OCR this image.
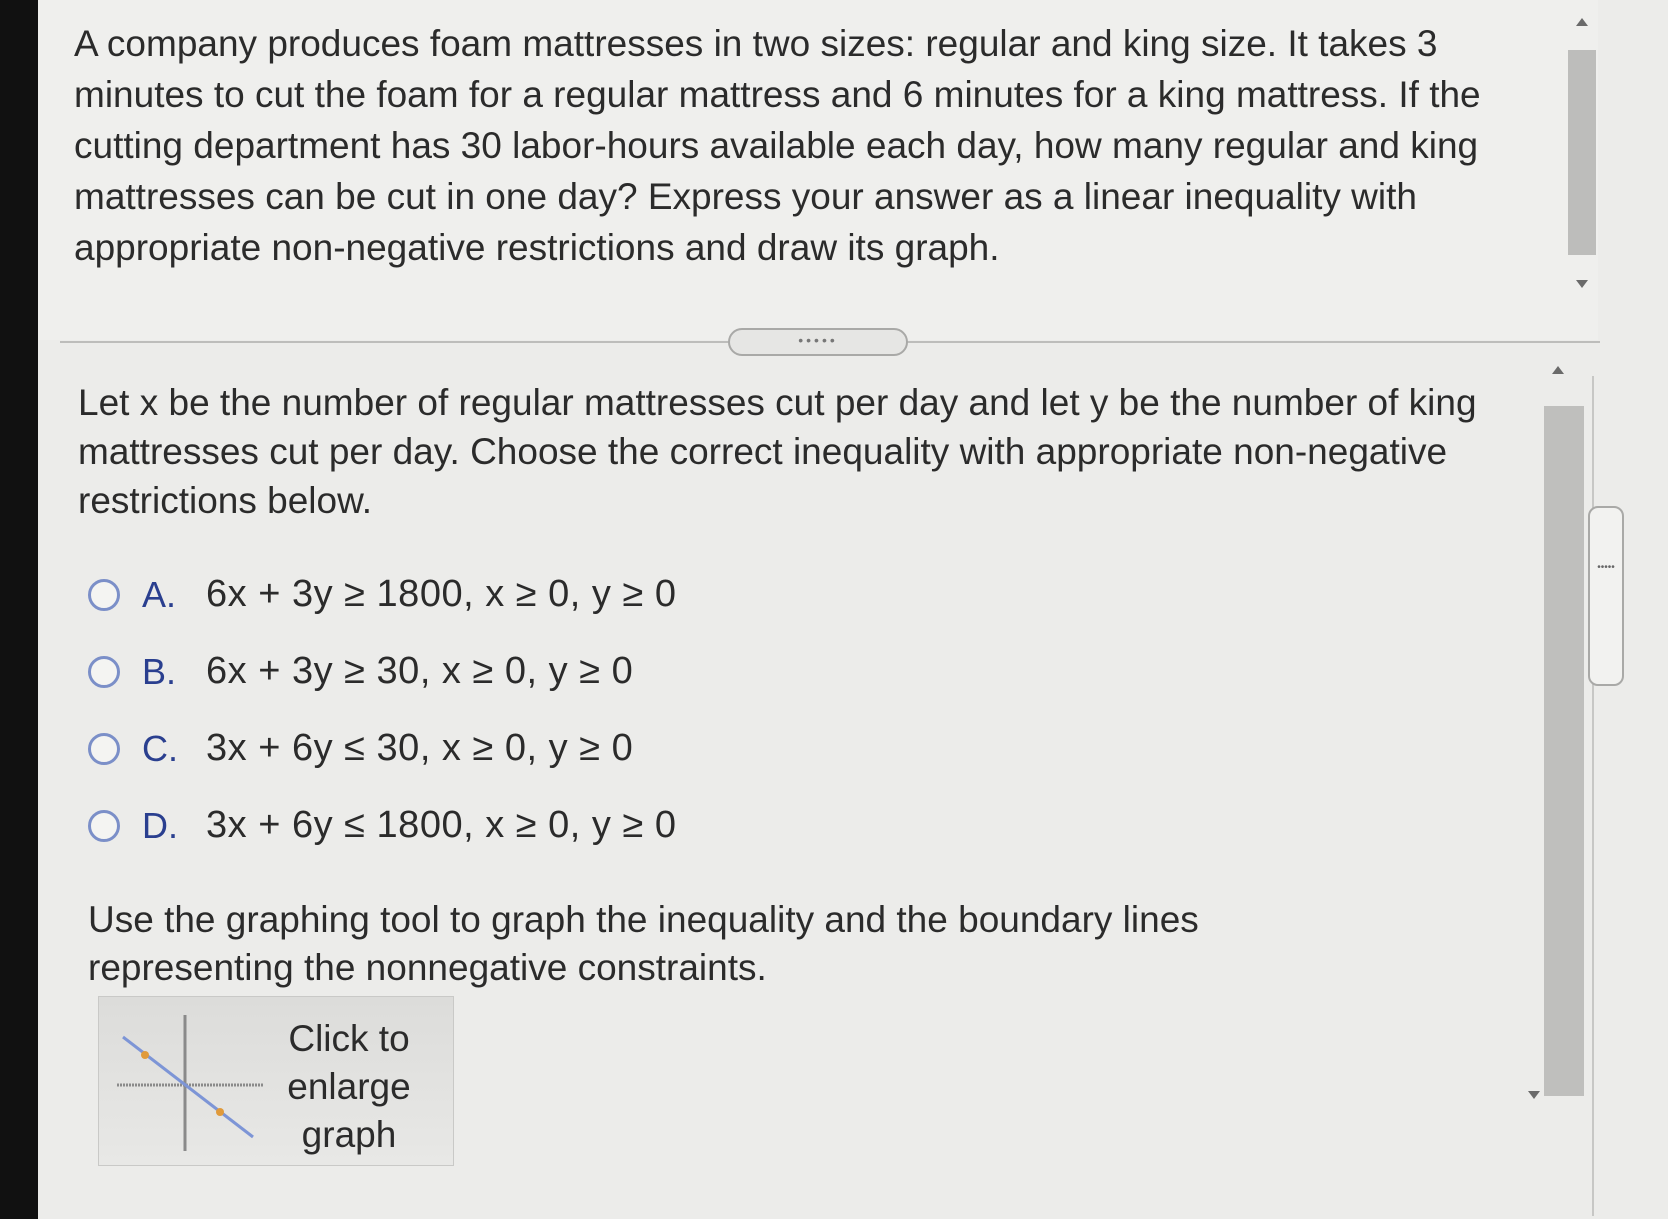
A company produces foam mattresses in two sizes: regular and king size. It takes 3 minutes to cut the foam for a regular mattress and 6 minutes for a king mattress. If the cutting department has 30 labor-hours available each day, how many regular and king mattresses can be cut in one day? Express your answer as a linear inequality with appropriate non-negative restrictions and draw its graph.

•••••

Let x be the number of regular mattresses cut per day and let y be the number of king mattresses cut per day. Choose the correct inequality with appropriate non-negative restrictions below.

A. 6x + 3y ≥ 1800, x ≥ 0, y ≥ 0
B. 6x + 3y ≥ 30, x ≥ 0, y ≥ 0
C. 3x + 6y ≤ 30, x ≥ 0, y ≥ 0
D. 3x + 6y ≤ 1800, x ≥ 0, y ≥ 0

Use the graphing tool to graph the inequality and the boundary lines representing the nonnegative constraints.

Click to
enlarge
graph
•••••
